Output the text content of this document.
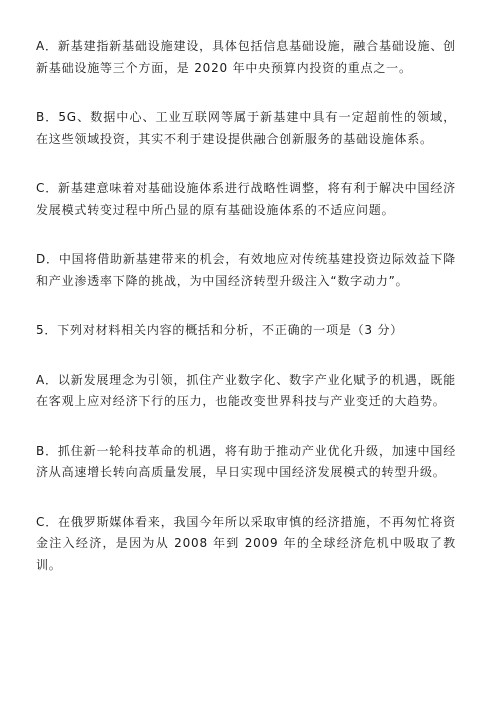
A．新基建指新基础设施建设，具体包括信息基础设施，融合基础设施、创新基础设施等三个方面，是 2020 年中央预算内投资的重点之一。

B．5G、数据中心、工业互联网等属于新基建中具有一定超前性的领域，在这些领域投资，其实不利于建设提供融合创新服务的基础设施体系。

C．新基建意味着对基础设施体系进行战略性调整，将有利于解决中国经济发展模式转变过程中所凸显的原有基础设施体系的不适应问题。

D．中国将借助新基建带来的机会，有效地应对传统基建投资边际效益下降和产业渗透率下降的挑战，为中国经济转型升级注入“数字动力”。

5．下列对材料相关内容的概括和分析，不正确的一项是（3 分）

A．以新发展理念为引领，抓住产业数字化、数字产业化赋予的机遇，既能在客观上应对经济下行的压力，也能改变世界科技与产业变迁的大趋势。

B．抓住新一轮科技革命的机遇，将有助于推动产业优化升级，加速中国经济从高速增长转向高质量发展，早日实现中国经济发展模式的转型升级。

C．在俄罗斯媒体看来，我国今年所以采取审慎的经济措施，不再匆忙将资金注入经济，是因为从 2008 年到 2009 年的全球经济危机中吸取了教训。
